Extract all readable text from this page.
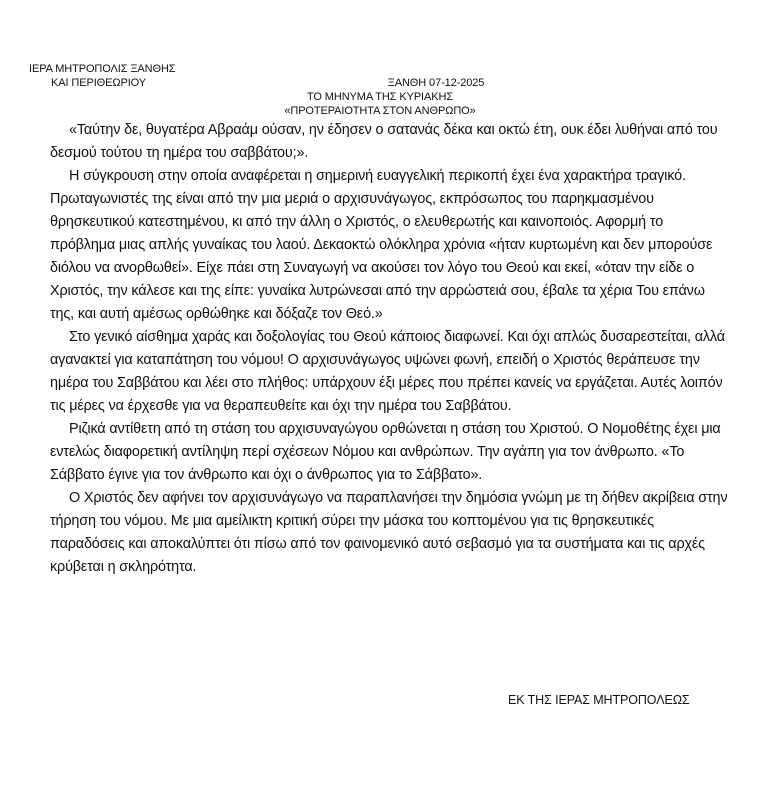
ΙΕΡΑ ΜΗΤΡΟΠΟΛΙΣ ΞΑΝΘΗΣ
ΚΑΙ ΠΕΡΙΘΕΩΡΙΟΥ	ΞΑΝΘΗ 07-12-2025
ΤΟ ΜΗΝΥΜΑ ΤΗΣ ΚΥΡΙΑΚΗΣ
«ΠΡΟΤΕΡΑΙΟΤΗΤΑ ΣΤΟΝ ΑΝΘΡΩΠΟ»

«Ταύτην δε, θυγατέρα Αβραάμ ούσαν, ην έδησεν ο σατανάς δέκα και οκτώ έτη, ουκ έδει λυθήναι από του δεσμού τούτου τη ημέρα του σαββάτου;».

Η σύγκρουση στην οποία αναφέρεται η σημερινή ευαγγελική περικοπή έχει ένα χαρακτήρα τραγικό. Πρωταγωνιστές της είναι από την μια μεριά ο αρχισυνάγωγος, εκπρόσωπος του παρηκμασμένου θρησκευτικού κατεστημένου, κι από την άλλη ο Χριστός, ο ελευθερωτής και καινοποιός. Αφορμή το πρόβλημα μιας απλής γυναίκας του λαού. Δεκαοκτώ ολόκληρα χρόνια «ήταν κυρτωμένη και δεν μπορούσε διόλου να ανορθωθεί». Είχε πάει στη Συναγωγή να ακούσει τον λόγο του Θεού και εκεί, «όταν την είδε ο Χριστός, την κάλεσε και της είπε: γυναίκα λυτρώνεσαι από την αρρώστειά σου, έβαλε τα χέρια Του επάνω της, και αυτή αμέσως ορθώθηκε και δόξαζε τον Θεό.»

Στο γενικό αίσθημα χαράς και δοξολογίας του Θεού κάποιος διαφωνεί. Και όχι απλώς δυσαρεστείται, αλλά αγανακτεί για καταπάτηση του νόμου! Ο αρχισυνάγωγος υψώνει φωνή, επειδή ο Χριστός θεράπευσε την ημέρα του Σαββάτου και λέει στο πλήθος: υπάρχουν έξι μέρες που πρέπει κανείς να εργάζεται. Αυτές λοιπόν τις μέρες να έρχεσθε για να θεραπευθείτε και όχι την ημέρα του Σαββάτου.

Ριζικά αντίθετη από τη στάση του αρχισυναγώγου ορθώνεται η στάση του Χριστού. Ο Νομοθέτης έχει μια εντελώς διαφορετική αντίληψη περί σχέσεων Νόμου και ανθρώπων. Την αγάπη για τον άνθρωπο. «Το Σάββατο έγινε για τον άνθρωπο και όχι ο άνθρωπος για το Σάββατο».

Ο Χριστός δεν αφήνει τον αρχισυνάγωγο να παραπλανήσει την δημόσια γνώμη με τη δήθεν ακρίβεια στην τήρηση του νόμου. Με μια αμείλικτη κριτική σύρει την μάσκα του κοπτομένου για τις θρησκευτικές παραδόσεις και αποκαλύπτει ότι πίσω από τον φαινομενικό αυτό σεβασμό για τα συστήματα και τις αρχές κρύβεται η σκληρότητα.

ΕΚ ΤΗΣ ΙΕΡΑΣ ΜΗΤΡΟΠΟΛΕΩΣ
